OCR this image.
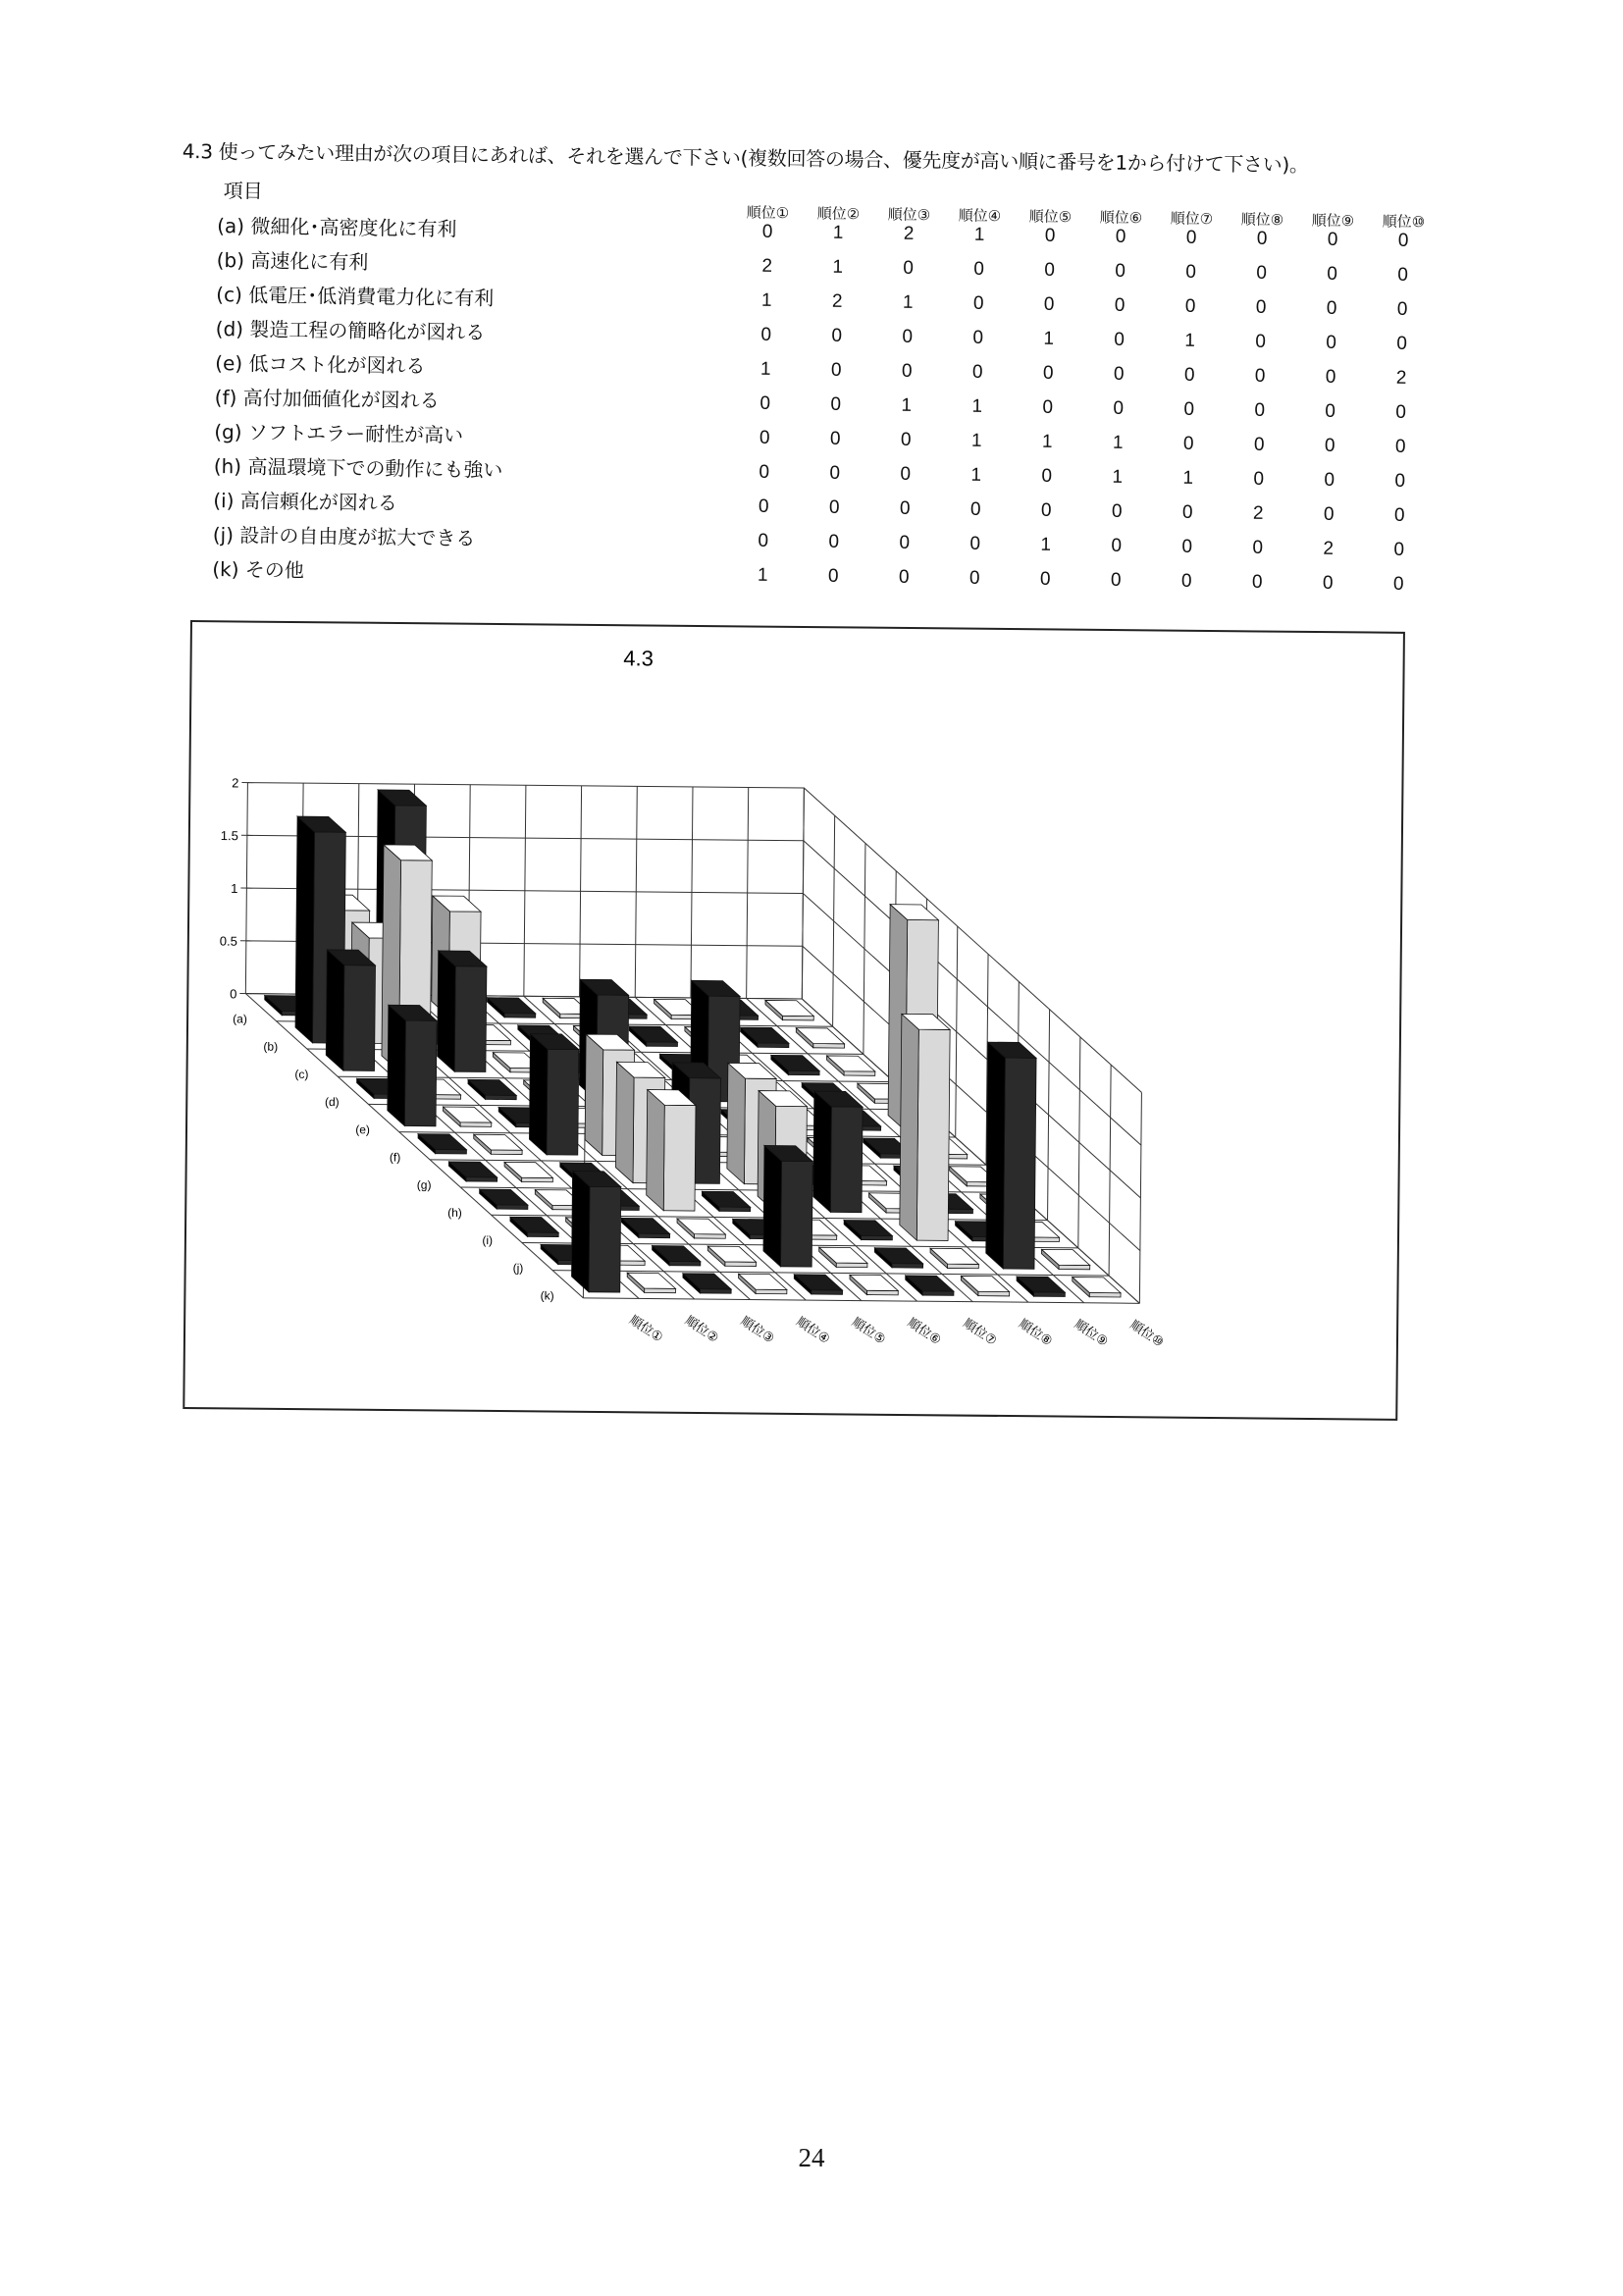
4.3 使ってみたい理由が次の項目にあれば、それを選んで下さい(複数回答の場合、優先度が高い順に番号を1から付けて下さい)。
項目
順位①	順位②	順位③	順位④	順位⑤	順位⑥	順位⑦	順位⑧	順位⑨	順位⑩
(a) 微細化･高密度化に有利	0	1	2	1	0	0	0	0	0	0
(b) 高速化に有利	2	1	0	0	0	0	0	0	0	0
(c) 低電圧･低消費電力化に有利	1	2	1	0	0	0	0	0	0	0
(d) 製造工程の簡略化が図れる	0	0	0	0	1	0	1	0	0	0
(e) 低コスト化が図れる	1	0	0	0	0	0	0	0	0	2
(f) 高付加価値化が図れる	0	0	1	1	0	0	0	0	0	0
(g) ソフトエラー耐性が高い	0	0	0	1	1	1	0	0	0	0
(h) 高温環境下での動作にも強い	0	0	0	1	0	1	1	0	0	0
(i) 高信頼化が図れる	0	0	0	0	0	0	0	2	0	0
(j) 設計の自由度が拡大できる	0	0	0	0	1	0	0	0	2	0
(k) その他	1	0	0	0	0	0	0	0	0	0
4.3
0
0.5
1
1.5
2
(a)
(b)
(c)
(d)
(e)
(f)
(g)
(h)
(i)
(j)
(k)
順位① 順位② 順位③ 順位④ 順位⑤ 順位⑥ 順位⑦ 順位⑧ 順位⑨ 順位⑩
24
